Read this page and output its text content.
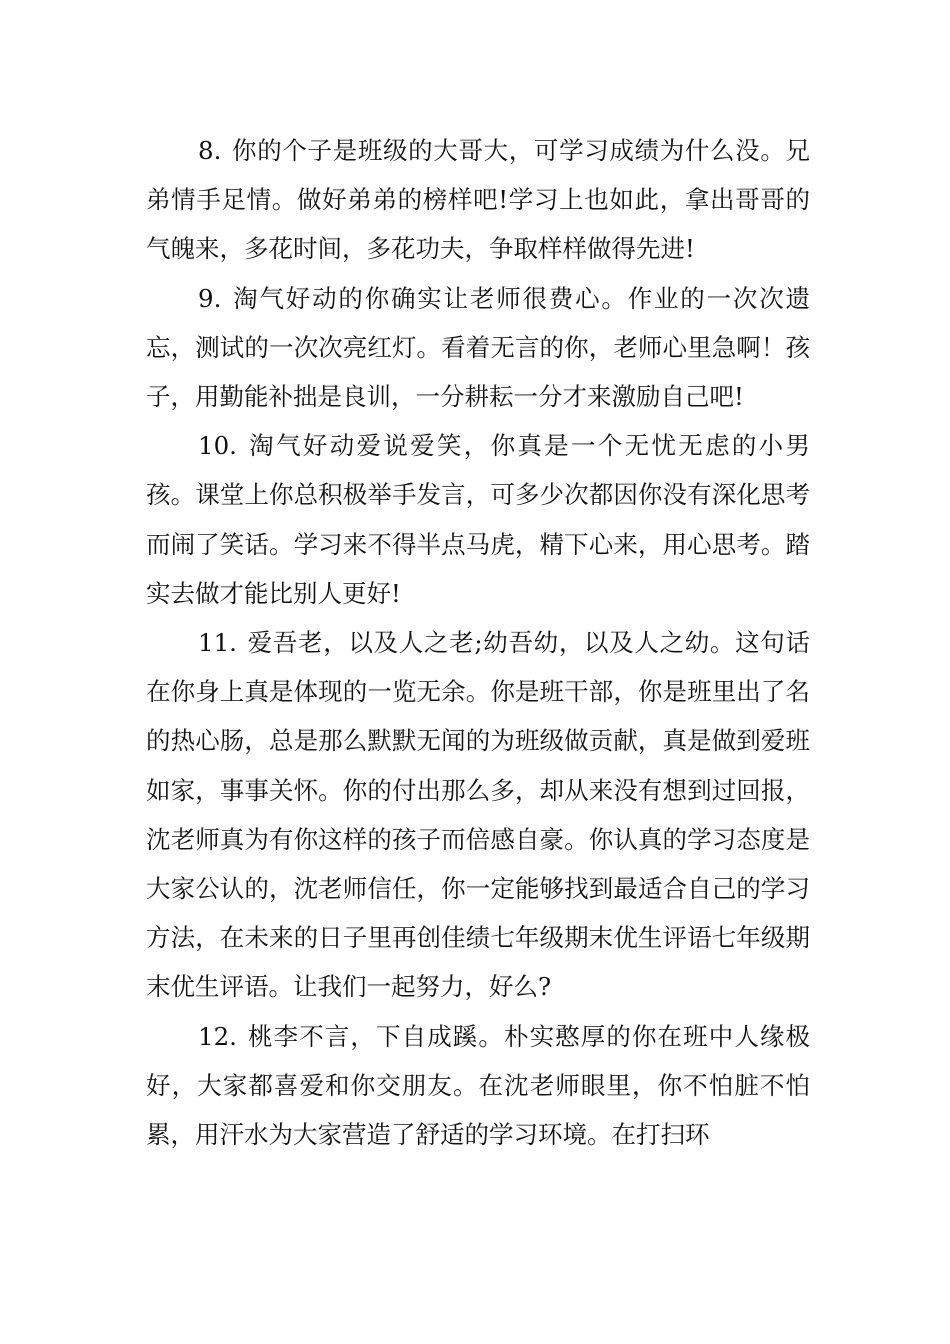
8. 你的个子是班级的大哥大，可学习成绩为什么没。兄弟情手足情。做好弟弟的榜样吧!学习上也如此，拿出哥哥的气魄来，多花时间，多花功夫，争取样样做得先进!

9. 淘气好动的你确实让老师很费心。作业的一次次遗忘，测试的一次次亮红灯。看着无言的你，老师心里急啊！孩子，用勤能补拙是良训，一分耕耘一分才来激励自己吧!

10. 淘气好动爱说爱笑，你真是一个无忧无虑的小男孩。课堂上你总积极举手发言，可多少次都因你没有深化思考而闹了笑话。学习来不得半点马虎，精下心来，用心思考。踏实去做才能比别人更好!

11. 爱吾老，以及人之老;幼吾幼，以及人之幼。这句话在你身上真是体现的一览无余。你是班干部，你是班里出了名的热心肠，总是那么默默无闻的为班级做贡献，真是做到爱班如家，事事关怀。你的付出那么多，却从来没有想到过回报，沈老师真为有你这样的孩子而倍感自豪。你认真的学习态度是大家公认的，沈老师信任，你一定能够找到最适合自己的学习方法，在未来的日子里再创佳绩七年级期末优生评语七年级期末优生评语。让我们一起努力，好么?

12. 桃李不言，下自成蹊。朴实憨厚的你在班中人缘极好，大家都喜爱和你交朋友。在沈老师眼里，你不怕脏不怕累，用汗水为大家营造了舒适的学习环境。在打扫环
